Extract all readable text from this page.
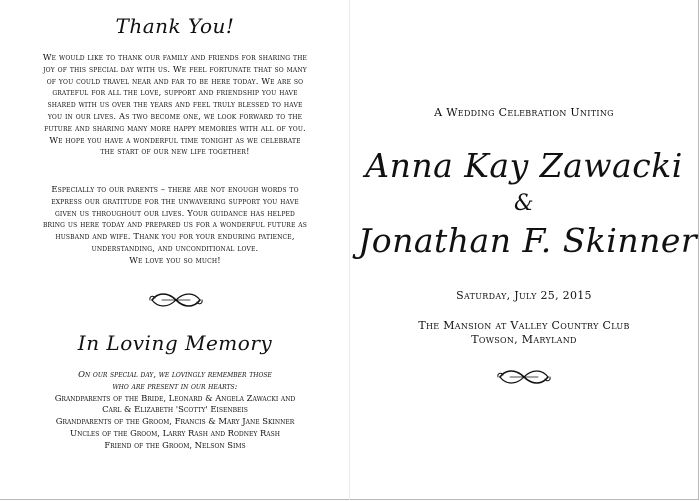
Thank You!
We would like to thank our family and friends for sharing the
joy of this special day with us. We feel fortunate that so many
of you could travel near and far to be here today. We are so
grateful for all the love, support and friendship you have
shared with us over the years and feel truly blessed to have
you in our lives. As two become one, we look forward to the
future and sharing many more happy memories with all of you.
We hope you have a wonderful time tonight as we celebrate
the start of our new life together!
Especially to our parents – there are not enough words to
express our gratitude for the unwavering support you have
given us throughout our lives. Your guidance has helped
bring us here today and prepared us for a wonderful future as
husband and wife. Thank you for your enduring patience,
understanding, and unconditional love.
We love you so much!
In Loving Memory
On our special day, we lovingly remember those
who are present in our hearts:
Grandparents of the Bride, Leonard & Angela Zawacki and
Carl & Elizabeth 'Scotty' Eisenbeis
Grandparents of the Groom, Francis & Mary Jane Skinner
Uncles of the Groom, Larry Rash and Rodney Rash
Friend of the Groom, Nelson Sims
A Wedding Celebration Uniting
Anna Kay Zawacki
&
Jonathan F. Skinner
Saturday, July 25, 2015
The Mansion at Valley Country Club
Towson, Maryland
